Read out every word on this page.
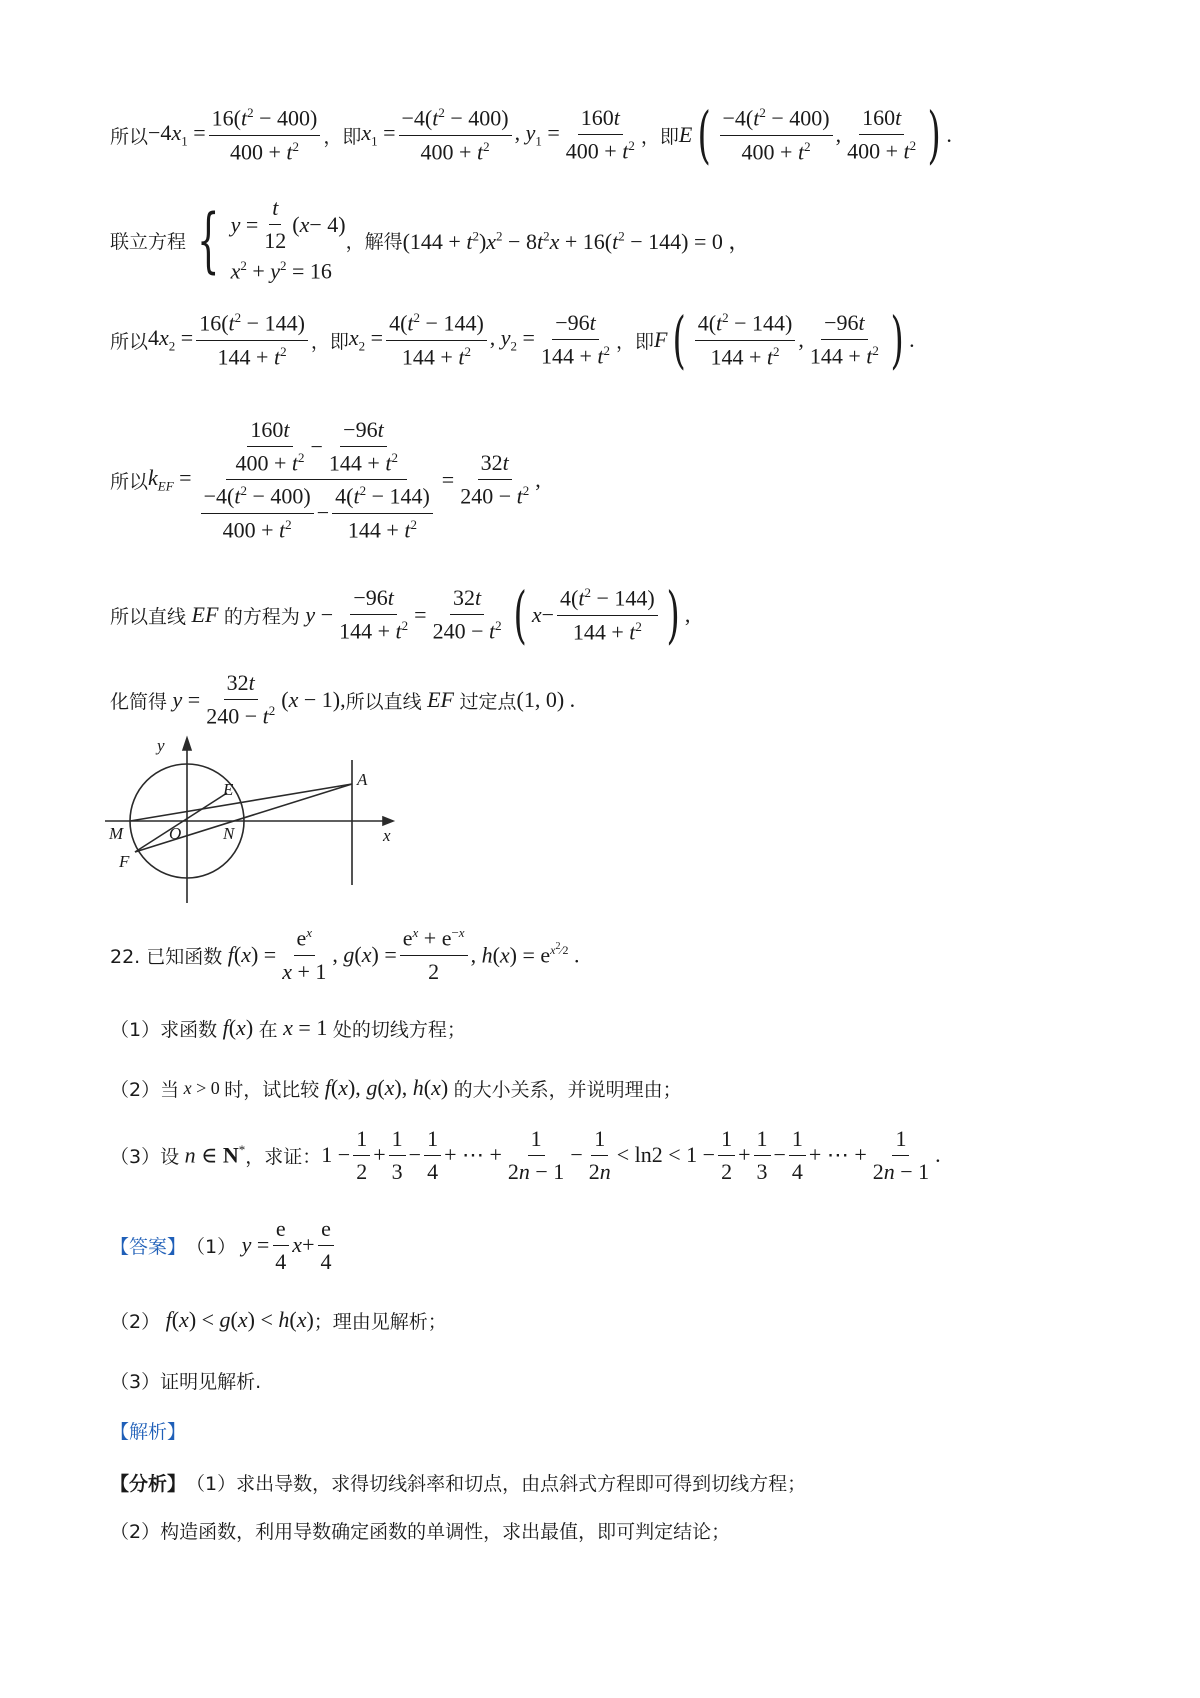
所以 $-4x_1 = \frac{16(t^2 - 400)}{400 + t^2}$ ，即 $x_1 = \frac{-4(t^2 - 400)}{400 + t^2}$ , $y_1 = \frac{160t}{400 + t^2}$ ，即 E ( $\frac{-4(t^2 - 400)}{400 + t^2}$ , $\frac{160t}{400 + t^2}$ ) .
联立方程 { $y = \frac{t}{12}$ ( x − 4)
$x^2 + y^2 = 16$
，解得 $(144 + t^2)x^2 - 8t^2x + 16(t^2 - 144) = 0$ ，
所以 $4x_2 = \frac{16(t^2 - 144)}{144 + t^2}$ ，即 $x_2 = \frac{4(t^2 - 144)}{144 + t^2}$ , $y_2 = \frac{-96t}{144 + t^2}$ ，即 F ( $\frac{4(t^2 - 144)}{144 + t^2}$ , $\frac{-96t}{144 + t^2}$ ) .
所以 $k_{EF} = \frac{\frac{160t}{400 + t^2} - \frac{-96t}{144 + t^2}}{\frac{-4(t^2 - 400)}{400 + t^2} - \frac{4(t^2 - 144)}{144 + t^2}} = \frac{32t}{240 - t^2}$ ,
所以直线 EF 的方程为 $y - \frac{-96t}{144 + t^2} = \frac{32t}{240 - t^2}$ ( $x - \frac{4(t^2 - 144)}{144 + t^2}$ ) ,
化简得 $y = \frac{32t}{240 - t^2} (x - 1)$, 所以直线 EF 过定点 (1, 0) .
y
x
A
E
M	O N
F
22. 已知函数 $f(x) = \frac{e^x}{x + 1}$ , $g(x) = \frac{e^x + e^{-x}}{2}$ , $h(x) = e^{x^2⁄2}$ .
（1）求函数 f(x) 在 x = 1 处的切线方程；
（2）当 x > 0 时，试比较 f(x), g(x), h(x) 的大小关系，并说明理由；
（3）设 n ∈ N* ，求证： $1 - \frac{1}{2} + \frac{1}{3} - \frac{1}{4}$ + ⋯ + $\frac{1}{2n - 1} - \frac{1}{2n} < \ln 2 < 1 - \frac{1}{2} + \frac{1}{3} - \frac{1}{4}$ + ⋯ + $\frac{1}{2n - 1}$ .
【答案】 （1） $y = \frac{e}{4}$ $x + \frac{e}{4}$
（2） f(x) < g(x) < h(x) ；理由见解析；
（3）证明见解析.
【解析】
【分析】 （1）求出导数，求得切线斜率和切点，由点斜式方程即可得到切线方程；
（2）构造函数，利用导数确定函数的单调性，求出最值，即可判定结论；
